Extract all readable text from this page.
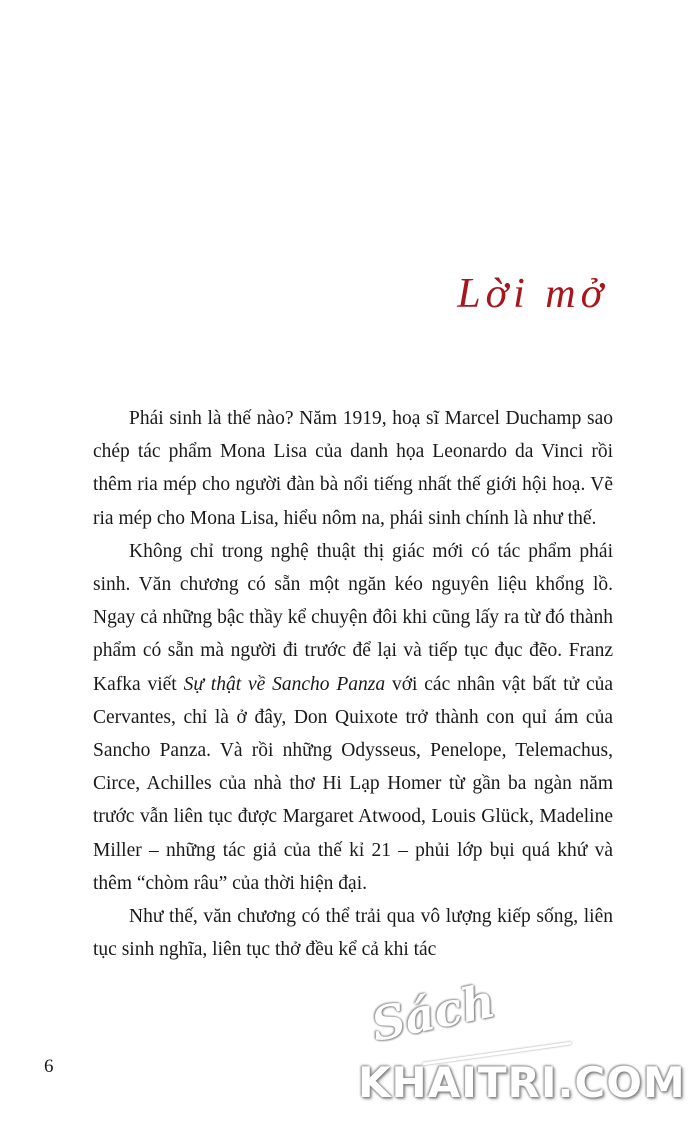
Lời mở

Phái sinh là thế nào? Năm 1919, hoạ sĩ Marcel Duchamp sao chép tác phẩm Mona Lisa của danh họa Leonardo da Vinci rồi thêm ria mép cho người đàn bà nổi tiếng nhất thế giới hội hoạ. Vẽ ria mép cho Mona Lisa, hiểu nôm na, phái sinh chính là như thế.

Không chỉ trong nghệ thuật thị giác mới có tác phẩm phái sinh. Văn chương có sẵn một ngăn kéo nguyên liệu khổng lồ. Ngay cả những bậc thầy kể chuyện đôi khi cũng lấy ra từ đó thành phẩm có sẵn mà người đi trước để lại và tiếp tục đục đẽo. Franz Kafka viết Sự thật về Sancho Panza với các nhân vật bất tử của Cervantes, chỉ là ở đây, Don Quixote trở thành con quỉ ám của Sancho Panza. Và rồi những Odysseus, Penelope, Telemachus, Circe, Achilles của nhà thơ Hi Lạp Homer từ gần ba ngàn năm trước vẫn liên tục được Margaret Atwood, Louis Glück, Madeline Miller – những tác giả của thế kỉ 21 – phủi lớp bụi quá khứ và thêm “chòm râu” của thời hiện đại.

Như thế, văn chương có thể trải qua vô lượng kiếp sống, liên tục sinh nghĩa, liên tục thở đều kể cả khi tác

6
Sách
KHAITRI.COM
